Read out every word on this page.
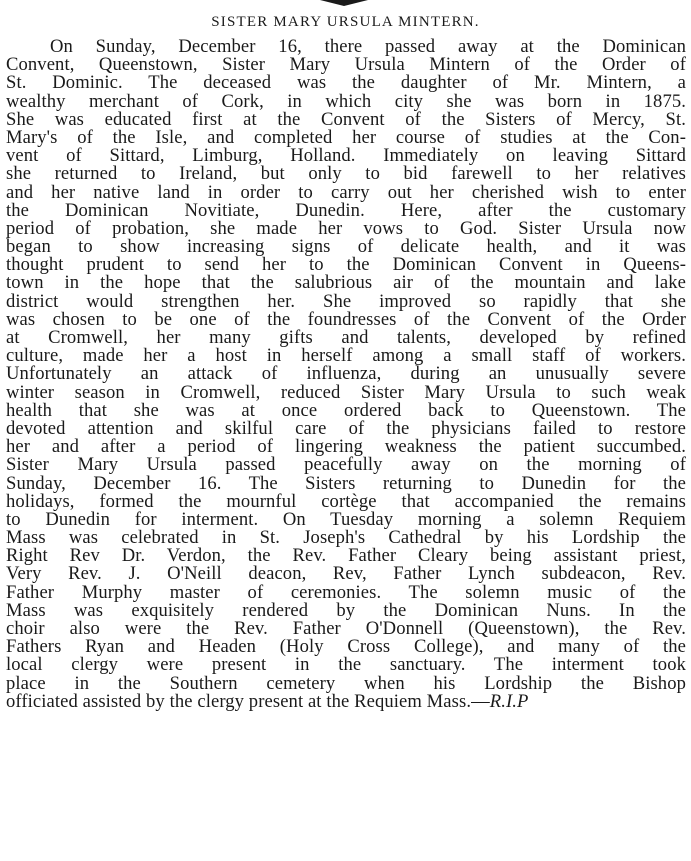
SISTER MARY URSULA MINTERN.
On Sunday, December 16, there passed away at the Dominican
Convent, Queenstown, Sister Mary Ursula Mintern of the Order of
St. Dominic. The deceased was the daughter of Mr. Mintern, a
wealthy merchant of Cork, in which city she was born in 1875.
She was educated first at the Convent of the Sisters of Mercy, St.
Mary's of the Isle, and completed her course of studies at the Con-
vent of Sittard, Limburg, Holland. Immediately on leaving Sittard
she returned to Ireland, but only to bid farewell to her relatives
and her native land in order to carry out her cherished wish to enter
the Dominican Novitiate, Dunedin. Here, after the customary
period of probation, she made her vows to God. Sister Ursula now
began to show increasing signs of delicate health, and it was
thought prudent to send her to the Dominican Convent in Queens-
town in the hope that the salubrious air of the mountain and lake
district would strengthen her. She improved so rapidly that she
was chosen to be one of the foundresses of the Convent of the Order
at Cromwell, her many gifts and talents, developed by refined
culture, made her a host in herself among a small staff of workers.
Unfortunately an attack of influenza, during an unusually severe
winter season in Cromwell, reduced Sister Mary Ursula to such weak
health that she was at once ordered back to Queenstown. The
devoted attention and skilful care of the physicians failed to restore
her and after a period of lingering weakness the patient succumbed.
Sister Mary Ursula passed peacefully away on the morning of
Sunday, December 16. The Sisters returning to Dunedin for the
holidays, formed the mournful cortège that accompanied the remains
to Dunedin for interment. On Tuesday morning a solemn Requiem
Mass was celebrated in St. Joseph's Cathedral by his Lordship the
Right Rev Dr. Verdon, the Rev. Father Cleary being assistant priest,
Very Rev. J. O'Neill deacon, Rev, Father Lynch subdeacon, Rev.
Father Murphy master of ceremonies. The solemn music of the
Mass was exquisitely rendered by the Dominican Nuns. In the
choir also were the Rev. Father O'Donnell (Queenstown), the Rev.
Fathers Ryan and Headen (Holy Cross College), and many of the
local clergy were present in the sanctuary. The interment took
place in the Southern cemetery when his Lordship the Bishop
officiated assisted by the clergy present at the Requiem Mass.—R.I.P
